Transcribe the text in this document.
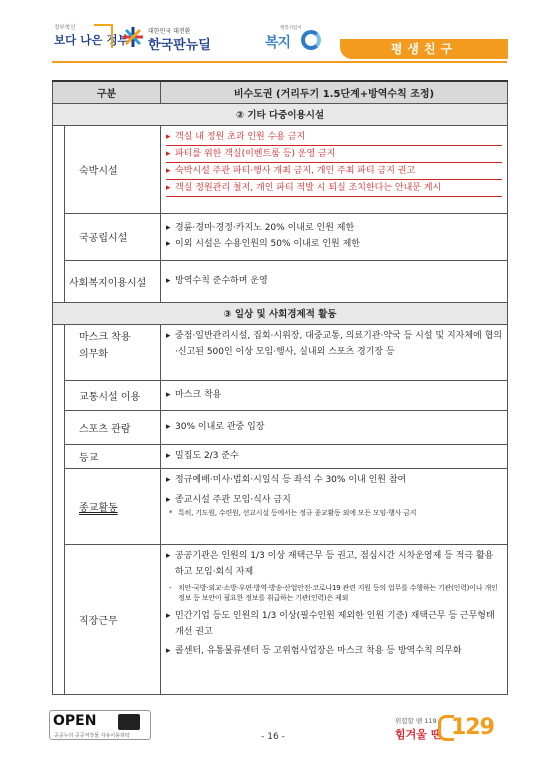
정부혁신
보다 나은 정부
대한민국 대전환
한국판뉴딜
행복지킴이
복지	평생친구
구분		비수도권 (거리두기 1.5단계+방역수칙 조정)
② 기타 다중이용시설		
	숙박시설	▸ 객실 내 정원 초과 인원 수용 금지
▸ 파티를 위한 객실(이벤트룸 등) 운영 금지
▸ 숙박시설 주관 파티·행사 개최 금지, 개인 주최 파티 금지 권고
▸ 객실 정원관리 철저, 개인 파티 적발 시 퇴실 조치한다는 안내문 게시

	국공립시설	▸ 경륜·경마·경정·카지노 20% 이내로 인원 제한
▸ 이외 시설은 수용인원의 50% 이내로 인원 제한

	사회복지이용시설	▸ 방역수칙 준수하며 운영

③ 일상 및 사회경제적 활동		

	마스크 착용
의무화	▸ 중점·일반관리시설, 집회·시위장, 대중교통, 의료기관·약국 등 시설 및 지자체에 협의·신고된 500인 이상 모임·행사, 실내외 스포츠 경기장 등

	교통시설 이용	▸ 마스크 착용

	스포츠 관람	▸ 30% 이내로 관중 입장

	등교	▸ 밀집도 2/3 준수

	종교활동	▸ 정규예배·미사·법회·시일식 등 좌석 수 30% 이내 인원 참여
▸ 종교시설 주관 모임·식사 금지
* 특히, 기도원, 수련원, 선교시설 등에서는 정규 종교활동 외에 모든 모임·행사 금지

	직장근무	▸ 공공기관은 인원의 1/3 이상 재택근무 등 권고, 점심시간 시차운영제 등 적극 활용하고 모임·회식 자제
- 치안·국방·외교·소방·우편·방역·방송·산업안전·코로나19 관련 지원 등의 업무를 수행하는 기관(인력)이나 개인정보 등 보안이 필요한 정보를 취급하는 기관(인력)은 제외
▸ 민간기업 등도 인원의 1/3 이상(필수인원 제외한 인원 기준) 재택근무 등 근무형태 개선 권고
▸ 콜센터, 유통물류센터 등 고위험사업장은 마스크 착용 등 방역수칙 의무화
OPEN
공공누리 공공저작물 자유이용허락	- 16 -
위험할 땐 119
힘겨울 땐 129
